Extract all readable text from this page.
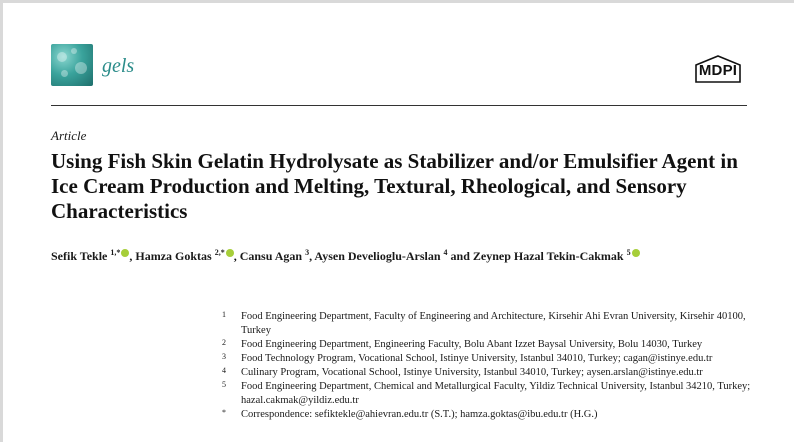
gels	MDPI
Article
Using Fish Skin Gelatin Hydrolysate as Stabilizer and/or Emulsifier Agent in Ice Cream Production and Melting, Textural, Rheological, and Sensory Characteristics
Sefik Tekle $^{1,*}$ , Hamza Goktas $^{2,*}$ , Cansu Agan $^3$, Aysen Develioglu-Arslan $^4$ and Zeynep Hazal Tekin-Cakmak $^5$
1 Food Engineering Department, Faculty of Engineering and Architecture, Kirsehir Ahi Evran University, Kirsehir 40100, Turkey
2 Food Engineering Department, Engineering Faculty, Bolu Abant Izzet Baysal University, Bolu 14030, Turkey
3 Food Technology Program, Vocational School, Istinye University, Istanbul 34010, Turkey; cagan@istinye.edu.tr
4 Culinary Program, Vocational School, Istinye University, Istanbul 34010, Turkey; aysen.arslan@istinye.edu.tr
5 Food Engineering Department, Chemical and Metallurgical Faculty, Yildiz Technical University, Istanbul 34210, Turkey; hazal.cakmak@yildiz.edu.tr
* Correspondence: sefiktekle@ahievran.edu.tr (S.T.); hamza.goktas@ibu.edu.tr (H.G.)
